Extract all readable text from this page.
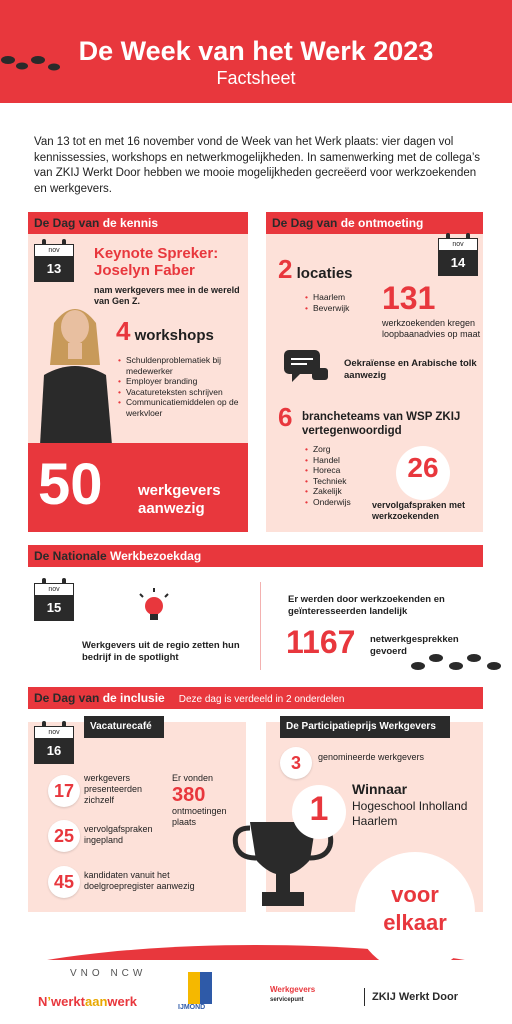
De Week van het Werk 2023
Factsheet
Van 13 tot en met 16 november vond de Week van het Werk plaats: vier dagen vol kennissessies, workshops en netwerkmogelijkheden. In samenwerking met de collega’s van ZKIJ Werkt Door hebben we mooie mogelijkheden gecreëerd voor werkzoekenden en werkgevers.
De Dag van de kennis
nov
13
Keynote Spreker: Joselyn Faber
nam werkgevers mee in de wereld van Gen Z.
4 workshops
• Schuldenproblematiek bij medewerker
• Employer branding
• Vacatureteksten schrijven
• Communicatiemiddelen op de werkvloer
50 werkgevers aanwezig
De Dag van de ontmoeting
nov
14
2 locaties
• Haarlem
• Beverwijk	131
werkzoekenden kregen loopbaanadvies op maat
Oekraïense en Arabische tolk aanwezig
6 brancheteams van WSP ZKIJ vertegenwoordigd
• Zorg
• Handel
• Horeca
• Techniek
• Zakelijk
• Onderwijs
26
vervolgafspraken met werkzoekenden
De Nationale Werkbezoekdag
nov
15
Werkgevers uit de regio zetten hun bedrijf in de spotlight
Er werden door werkzoekenden en geïnteresseerden landelijk
1167 netwerkgesprekken gevoerd
De Dag van de inclusie Deze dag is verdeeld in 2 onderdelen
nov
16
Vacaturecafé
17
werkgevers presenteerden zichzelf
25	vervolgafspraken ingepland
45	kandidaten vanuit het doelgroepregister aanwezig
Er vonden
380
ontmoetingen plaats
De Participatieprijs Werkgevers
3	genomineerde werkgevers
1
Winnaar
Hogeschool Inholland Haarlem
voor
elkaar
VNO NCW
N’werktaanwerk	IJMOND
Werkgevers
servicepunt	ZKIJ Werkt Door
